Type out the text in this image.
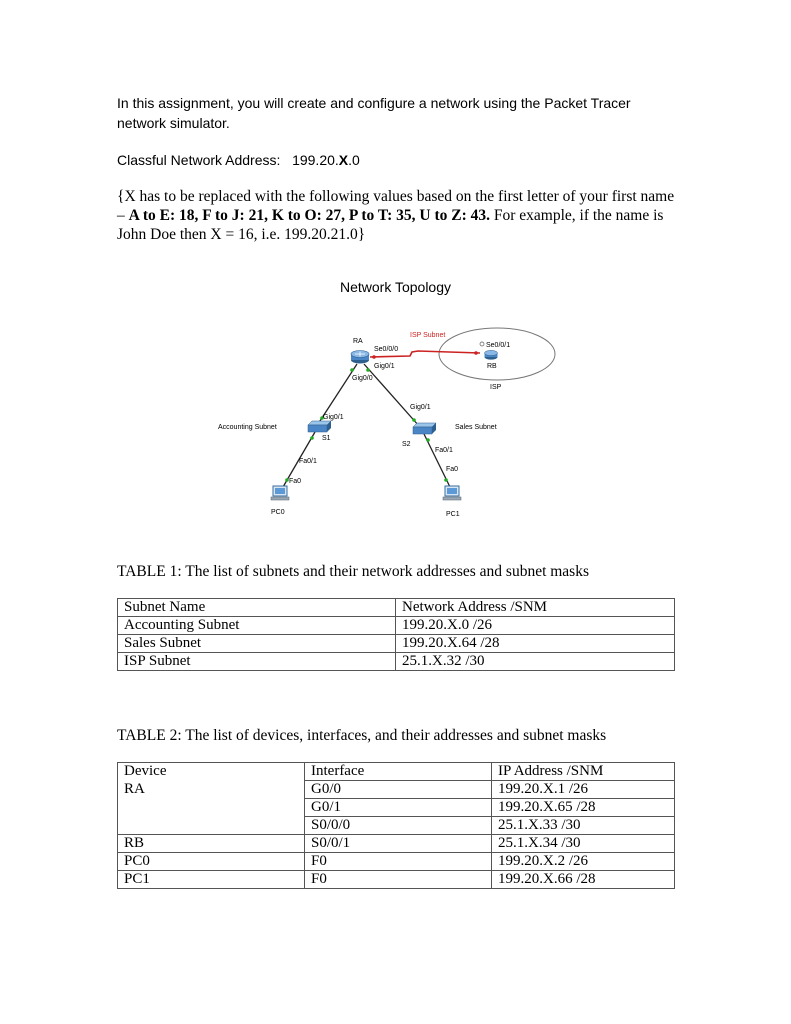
In this assignment, you will create and configure a network using the Packet Tracer network simulator.

Classful Network Address: 199.20.X.0

{X has to be replaced with the following values based on the first letter of your first name – A to E: 18, F to J: 21, K to O: 27, P to T: 35, U to Z: 43. For example, if the name is John Doe then X = 16, i.e. 199.20.21.0}

Network Topology

RA
ISP Subnet
Se0/0/0
Gig0/1
Gig0/0
Se0/0/1
RB
ISP
Gig0/1
Gig0/1
Accounting Subnet	Sales Subnet
S1
S2
Fa0/1
Fa0/1
Fa0
Fa0
PC0	PC1

TABLE 1: The list of subnets and their network addresses and subnet masks

Subnet Name	Network Address /SNM
Accounting Subnet	199.20.X.0 /26
Sales Subnet	199.20.X.64 /28
ISP Subnet	25.1.X.32 /30

TABLE 2: The list of devices, interfaces, and their addresses and subnet masks

Device	Interface	IP Address /SNM
RA	G0/0	199.20.X.1 /26
	G0/1	199.20.X.65 /28
	S0/0/0	25.1.X.33 /30
RB	S0/0/1	25.1.X.34 /30
PC0	F0	199.20.X.2 /26
PC1	F0	199.20.X.66 /28
